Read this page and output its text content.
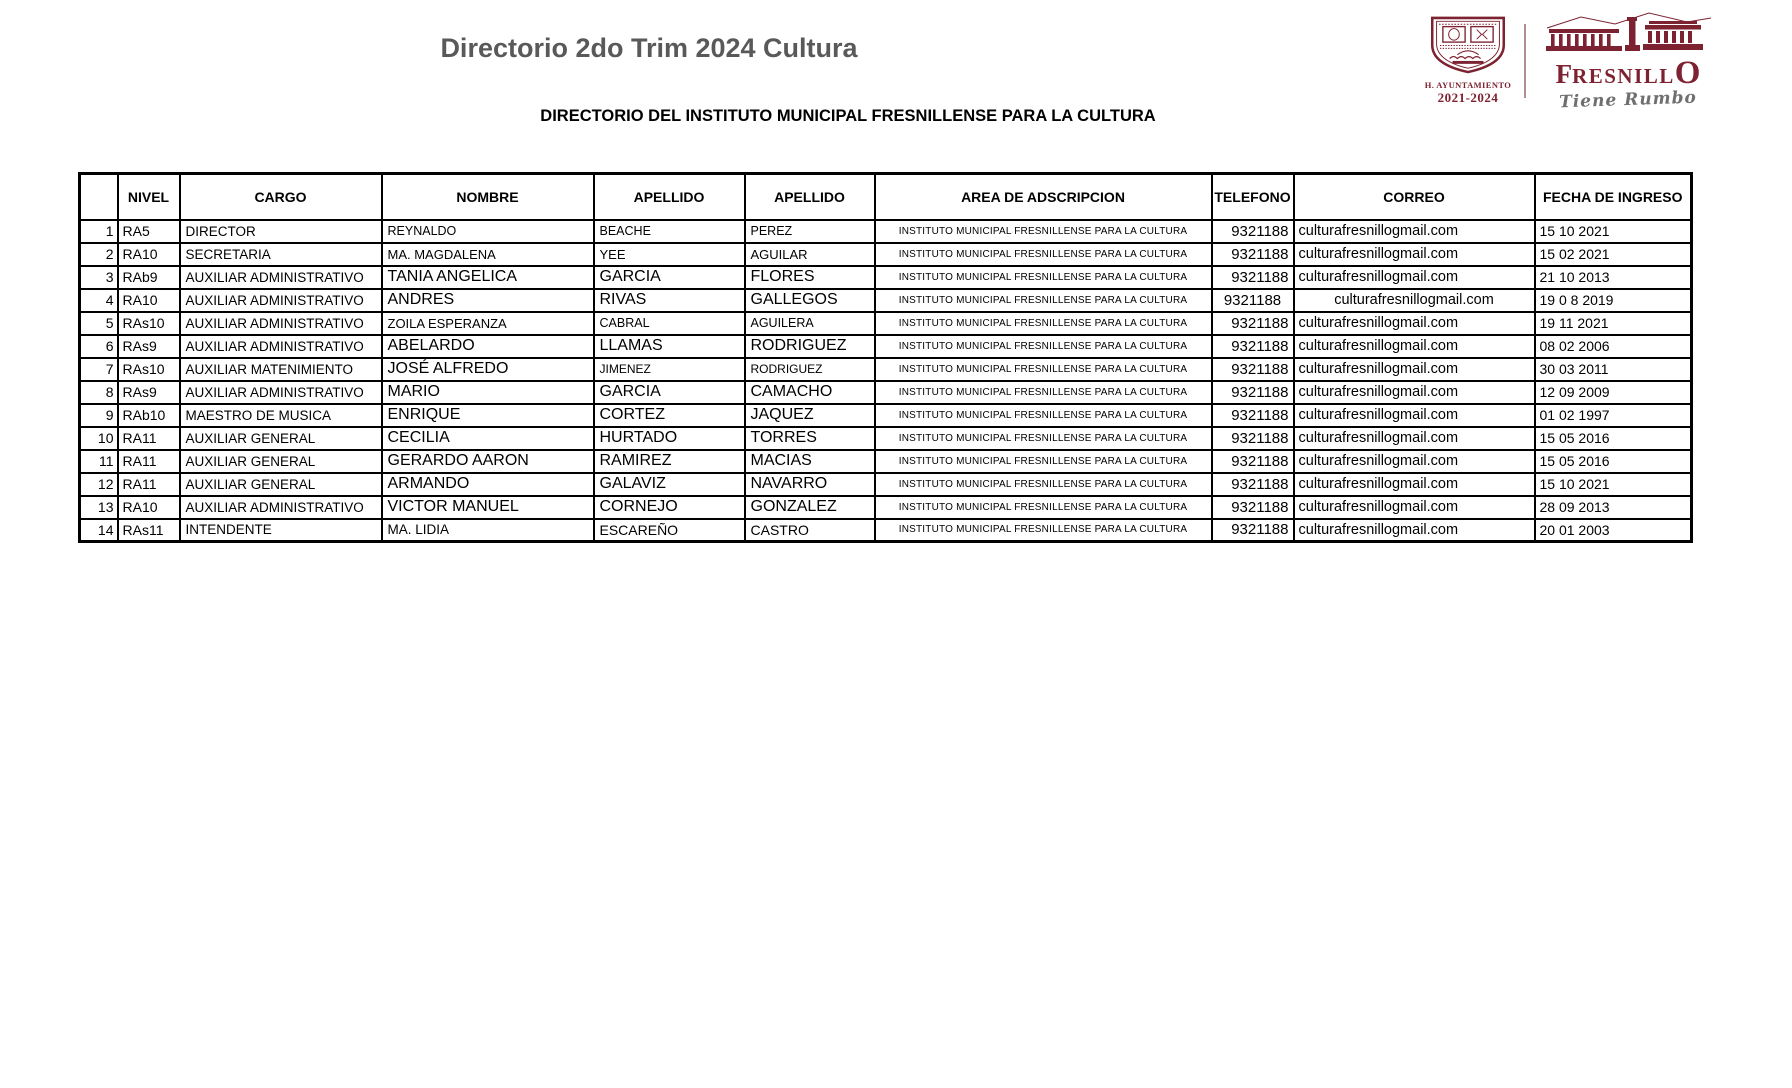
Directorio 2do Trim 2024 Cultura
H. AYUNTAMIENTO
2021-2024
FRESNILLO
Tiene Rumbo
DIRECTORIO DEL INSTITUTO MUNICIPAL FRESNILLENSE PARA LA CULTURA
	NIVEL	CARGO	NOMBRE	APELLIDO	APELLIDO	AREA DE ADSCRIPCION	TELEFONO	CORREO	FECHA DE INGRESO
1	RA5	DIRECTOR	REYNALDO	BEACHE	PEREZ	INSTITUTO MUNICIPAL FRESNILLENSE PARA LA CULTURA	9321188	culturafresnillogmail.com	15 10 2021
2	RA10	SECRETARIA	MA. MAGDALENA	YEE	AGUILAR	INSTITUTO MUNICIPAL FRESNILLENSE PARA LA CULTURA	9321188	culturafresnillogmail.com	15 02 2021
3	RAb9	AUXILIAR ADMINISTRATIVO	TANIA ANGELICA	GARCIA	FLORES	INSTITUTO MUNICIPAL FRESNILLENSE PARA LA CULTURA	9321188	culturafresnillogmail.com	21 10 2013
4	RA10	AUXILIAR ADMINISTRATIVO	ANDRES	RIVAS	GALLEGOS	INSTITUTO MUNICIPAL FRESNILLENSE PARA LA CULTURA	9321188	culturafresnillogmail.com	19 0 8 2019
5	RAs10	AUXILIAR ADMINISTRATIVO	ZOILA ESPERANZA	CABRAL	AGUILERA	INSTITUTO MUNICIPAL FRESNILLENSE PARA LA CULTURA	9321188	culturafresnillogmail.com	19 11 2021
6	RAs9	AUXILIAR ADMINISTRATIVO	ABELARDO	LLAMAS	RODRIGUEZ	INSTITUTO MUNICIPAL FRESNILLENSE PARA LA CULTURA	9321188	culturafresnillogmail.com	08 02 2006
7	RAs10	AUXILIAR MATENIMIENTO	JOSÉ ALFREDO	JIMENEZ	RODRIGUEZ	INSTITUTO MUNICIPAL FRESNILLENSE PARA LA CULTURA	9321188	culturafresnillogmail.com	30 03 2011
8	RAs9	AUXILIAR ADMINISTRATIVO	MARIO	GARCIA	CAMACHO	INSTITUTO MUNICIPAL FRESNILLENSE PARA LA CULTURA	9321188	culturafresnillogmail.com	12 09 2009
9	RAb10	MAESTRO DE MUSICA	ENRIQUE	CORTEZ	JAQUEZ	INSTITUTO MUNICIPAL FRESNILLENSE PARA LA CULTURA	9321188	culturafresnillogmail.com	01 02 1997
10	RA11	AUXILIAR GENERAL	CECILIA	HURTADO	TORRES	INSTITUTO MUNICIPAL FRESNILLENSE PARA LA CULTURA	9321188	culturafresnillogmail.com	15 05 2016
11	RA11	AUXILIAR GENERAL	GERARDO AARON	RAMIREZ	MACIAS	INSTITUTO MUNICIPAL FRESNILLENSE PARA LA CULTURA	9321188	culturafresnillogmail.com	15 05 2016
12	RA11	AUXILIAR GENERAL	ARMANDO	GALAVIZ	NAVARRO	INSTITUTO MUNICIPAL FRESNILLENSE PARA LA CULTURA	9321188	culturafresnillogmail.com	15 10 2021
13	RA10	AUXILIAR ADMINISTRATIVO	VICTOR MANUEL	CORNEJO	GONZALEZ	INSTITUTO MUNICIPAL FRESNILLENSE PARA LA CULTURA	9321188	culturafresnillogmail.com	28 09 2013
14	RAs11	INTENDENTE	MA. LIDIA	ESCAREÑO	CASTRO	INSTITUTO MUNICIPAL FRESNILLENSE PARA LA CULTURA	9321188	culturafresnillogmail.com	20 01 2003
